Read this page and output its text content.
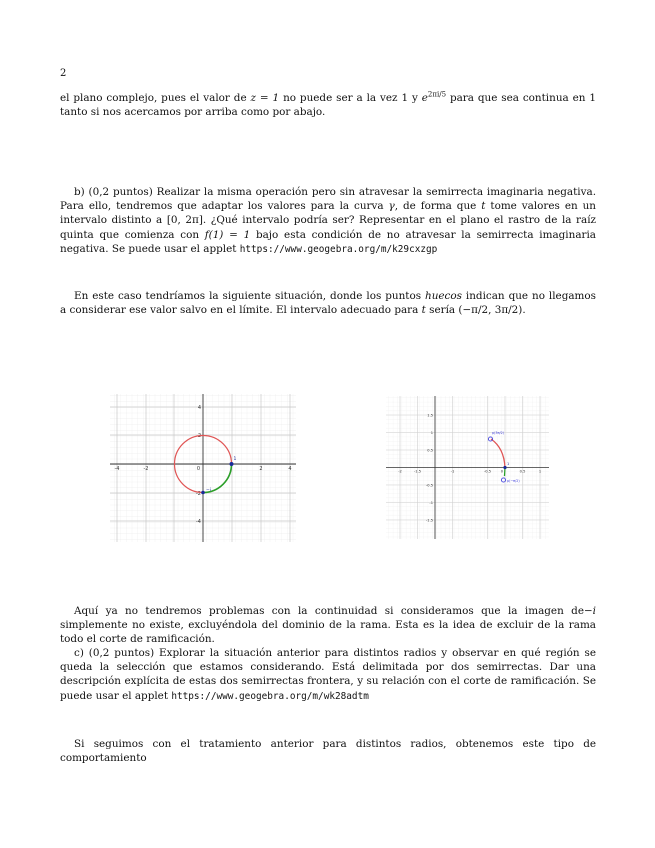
2

el plano complejo, pues el valor de z = 1 no puede ser a la vez 1 y $e^{2\pi i/5}$ para que sea continua en 1 tanto si nos acercamos por arriba como por abajo.

b) (0,2 puntos) Realizar la misma operación pero sin atravesar la semirrecta imaginaria negativa. Para ello, tendremos que adaptar los valores para la curva γ, de forma que t tome valores en un intervalo distinto a [0, 2π]. ¿Qué intervalo podría ser? Representar en el plano el rastro de la raíz quinta que comienza con f(1) = 1 bajo esta condición de no atravesar la semirrecta imaginaria negativa. Se puede usar el applet https://www.geogebra.org/m/k29cxzgp

En este caso tendríamos la siguiente situación, donde los puntos huecos indican que no llegamos a considerar ese valor salvo en el límite. El intervalo adecuado para t sería (−π/2, 3π/2).

-4	-2	0	2	4
4
2
-2
-4
1
−i
-2	-1.5	-1	-0.5	0	0.5	1
1.5
1
0.5
-0.5
-1
-1.5
1
p(3π/2)
p(−π/2)

Aquí ya no tendremos problemas con la continuidad si consideramos que la imagen de−i simplemente no existe, excluyéndola del dominio de la rama. Esta es la idea de excluir de la rama todo el corte de ramificación.

c) (0,2 puntos) Explorar la situación anterior para distintos radios y observar en qué región se queda la selección que estamos considerando. Está delimitada por dos semirrectas. Dar una descripción explícita de estas dos semirrectas frontera, y su relación con el corte de ramificación. Se puede usar el applet https://www.geogebra.org/m/wk28adtm

Si seguimos con el tratamiento anterior para distintos radios, obtenemos este tipo de comportamiento
